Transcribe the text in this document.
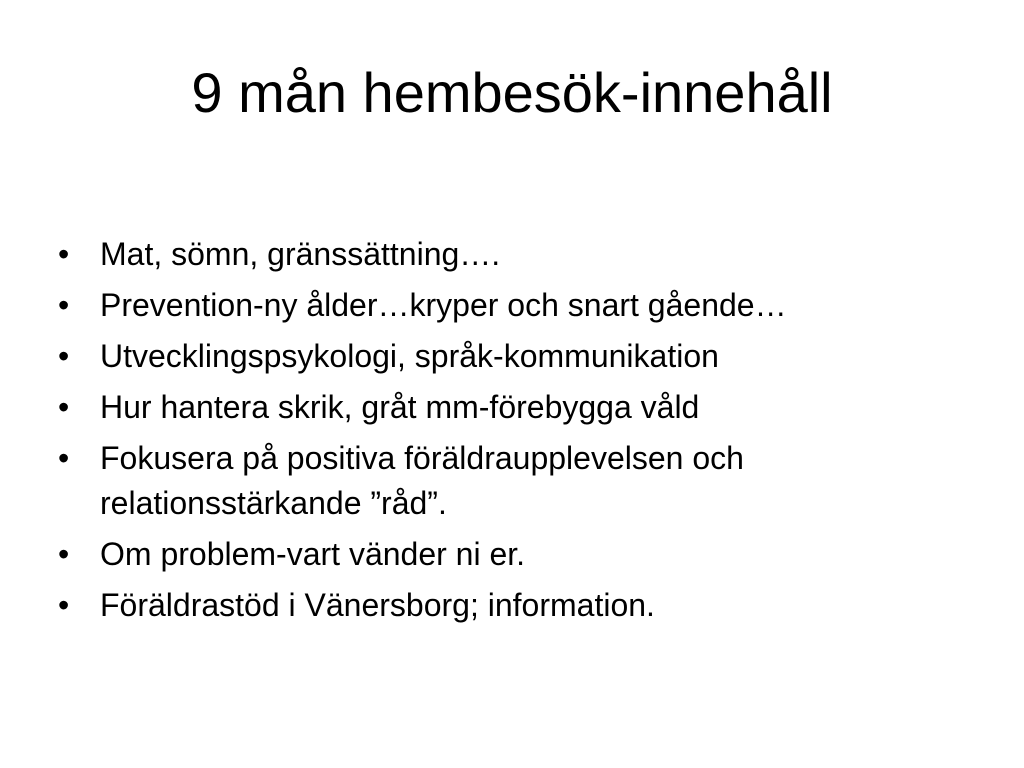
9 mån hembesök-innehåll
• Mat, sömn, gränssättning….
• Prevention-ny ålder…kryper och snart gående…
• Utvecklingspsykologi, språk-kommunikation
• Hur hantera skrik, gråt mm-förebygga våld
• Fokusera på positiva föräldraupplevelsen och relationsstärkande ”råd”.
• Om problem-vart vänder ni er.
• Föräldrastöd i Vänersborg; information.
